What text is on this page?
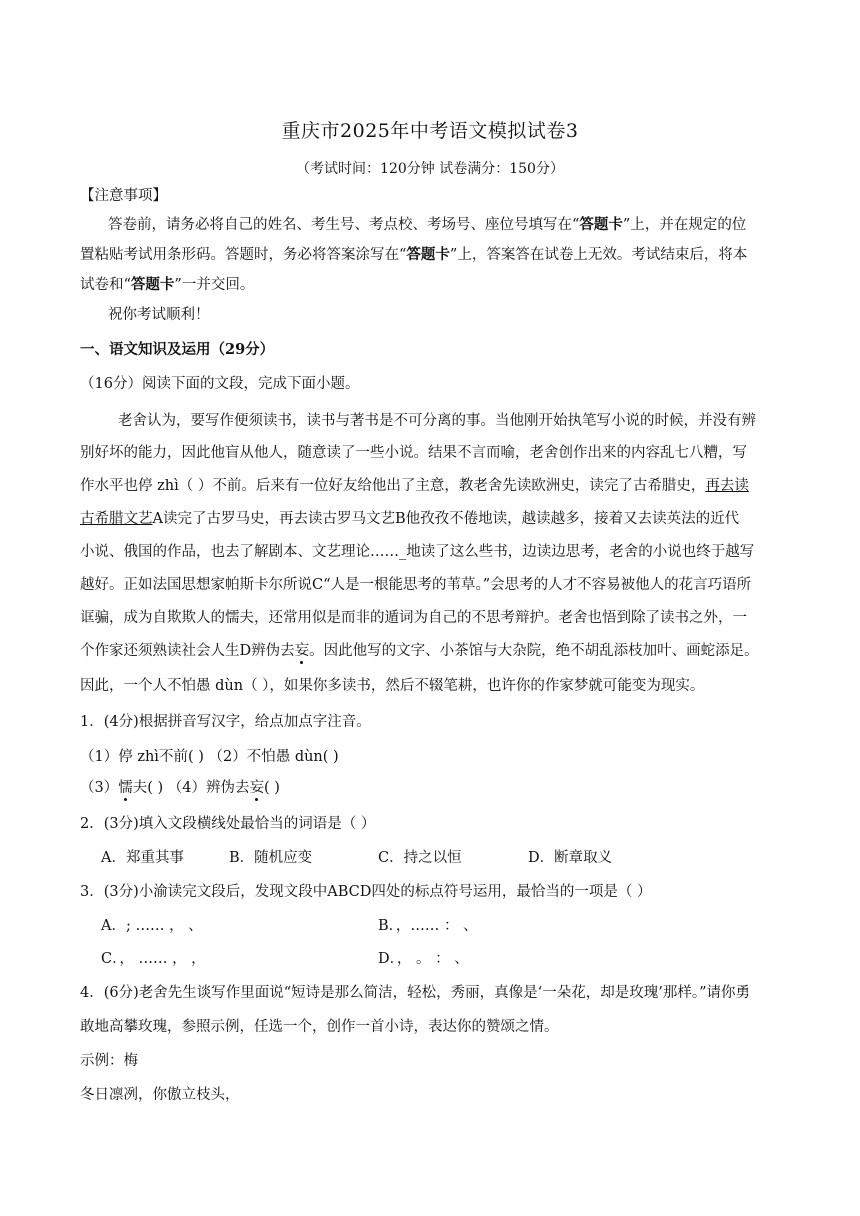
重庆市2025年中考语文模拟试卷3
（考试时间：120分钟 试卷满分：150分）
【注意事项】
答卷前，请务必将自己的姓名、考生号、考点校、考场号、座位号填写在“答题卡”上，并在规定的位
置粘贴考试用条形码。答题时，务必将答案涂写在“答题卡”上，答案答在试卷上无效。考试结束后，将本
试卷和“答题卡”一并交回。
祝你考试顺利！
一、语文知识及运用（29分）
（16分）阅读下面的文段，完成下面小题。
老舍认为，要写作便须读书，读书与著书是不可分离的事。当他刚开始执笔写小说的时候，并没有辨
别好坏的能力，因此他盲从他人，随意读了一些小说。结果不言而喻，老舍创作出来的内容乱七八糟，写
作水平也停 zhì（ ）不前。后来有一位好友给他出了主意，教老舍先读欧洲史，读完了古希腊史，再去读
古希腊文艺A读完了古罗马史，再去读古罗马文艺B他孜孜不倦地读，越读越多，接着又去读英法的近代
小说、俄国的作品，也去了解剧本、文艺理论……_地读了这么些书，边读边思考，老舍的小说也终于越写
越好。正如法国思想家帕斯卡尔所说C“人是一根能思考的苇草。”会思考的人才不容易被他人的花言巧语所
诓骗，成为自欺欺人的懦夫，还常用似是而非的遁词为自己的不思考辩护。老舍也悟到除了读书之外，一
个作家还须熟读社会人生D辨伪去妄。因此他写的文字、小茶馆与大杂院，绝不胡乱添枝加叶、画蛇添足。
因此，一个人不怕愚 dùn（ ），如果你多读书，然后不辍笔耕，也许你的作家梦就可能变为现实。
1．(4分)根据拼音写汉字，给点加点字注音。
（1）停 zhì不前( ) （2）不怕愚 dùn( )
（3）懦夫( ) （4）辨伪去妄( )
2．(3分)填入文段横线处最恰当的词语是（ ）
A．郑重其事	B．随机应变	C．持之以恒	D．断章取义
3．(3分)小渝读完文段后，发现文段中ABCD四处的标点符号运用，最恰当的一项是（ ）
A．; …… ， 、	B．，…… ： 、
C．， …… ， ，	D．， 。 ： 、
4．(6分)老舍先生谈写作里面说“短诗是那么简洁，轻松，秀丽，真像是‘一朵花，却是玫瑰’那样。”请你勇
敢地高攀玫瑰，参照示例，任选一个，创作一首小诗，表达你的赞颂之情。
示例：梅
冬日凛冽，你傲立枝头，
